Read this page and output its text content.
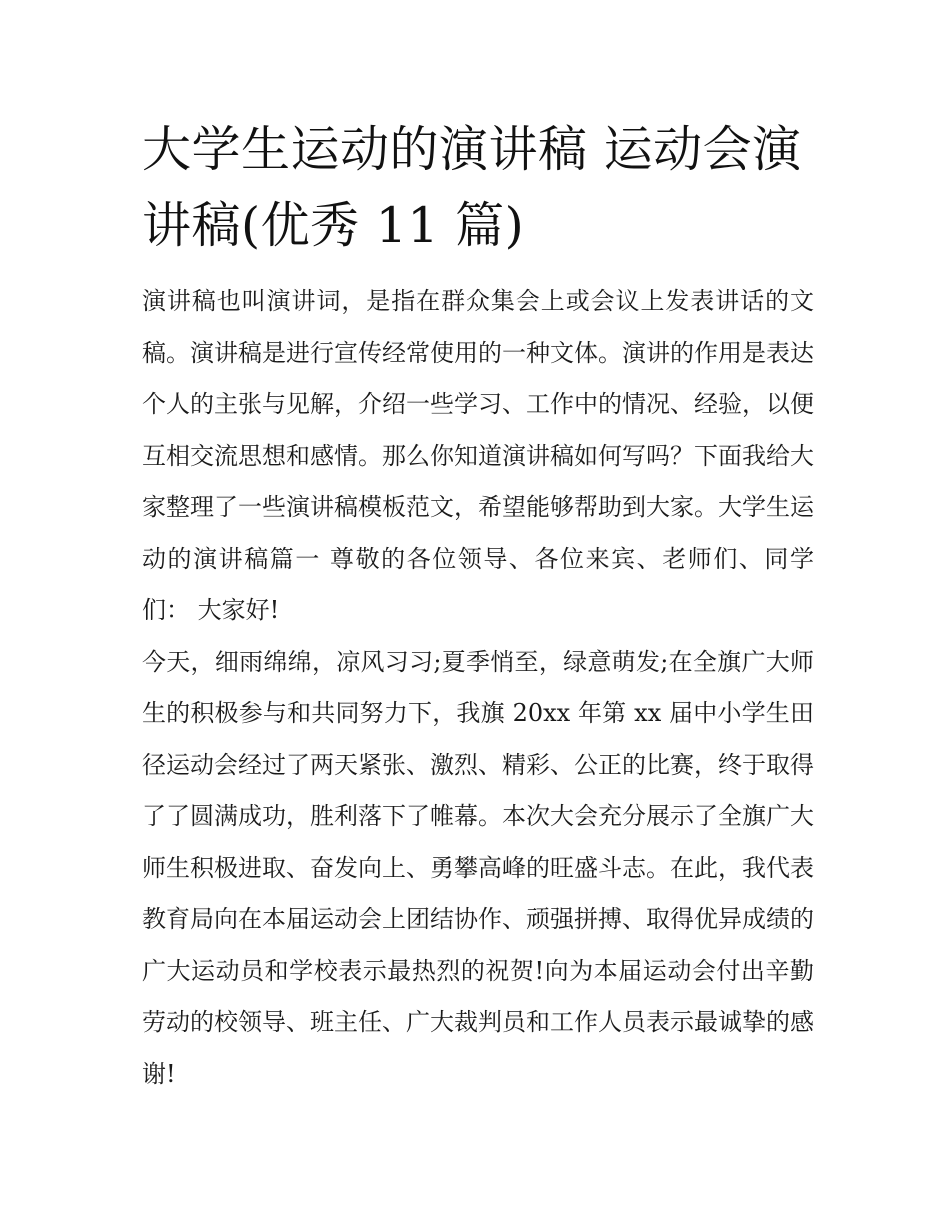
大学生运动的演讲稿 运动会演讲稿(优秀 11 篇)

演讲稿也叫演讲词，是指在群众集会上或会议上发表讲话的文稿。演讲稿是进行宣传经常使用的一种文体。演讲的作用是表达个人的主张与见解，介绍一些学习、工作中的情况、经验，以便互相交流思想和感情。那么你知道演讲稿如何写吗？下面我给大家整理了一些演讲稿模板范文，希望能够帮助到大家。大学生运动的演讲稿篇一 尊敬的各位领导、各位来宾、老师们、同学们： 大家好!

今天，细雨绵绵，凉风习习;夏季悄至，绿意萌发;在全旗广大师生的积极参与和共同努力下，我旗 20xx 年第 xx 届中小学生田径运动会经过了两天紧张、激烈、精彩、公正的比赛，终于取得了了圆满成功，胜利落下了帷幕。本次大会充分展示了全旗广大师生积极进取、奋发向上、勇攀高峰的旺盛斗志。在此，我代表教育局向在本届运动会上团结协作、顽强拼搏、取得优异成绩的广大运动员和学校表示最热烈的祝贺!向为本届运动会付出辛勤劳动的校领导、班主任、广大裁判员和工作人员表示最诚挚的感谢!
